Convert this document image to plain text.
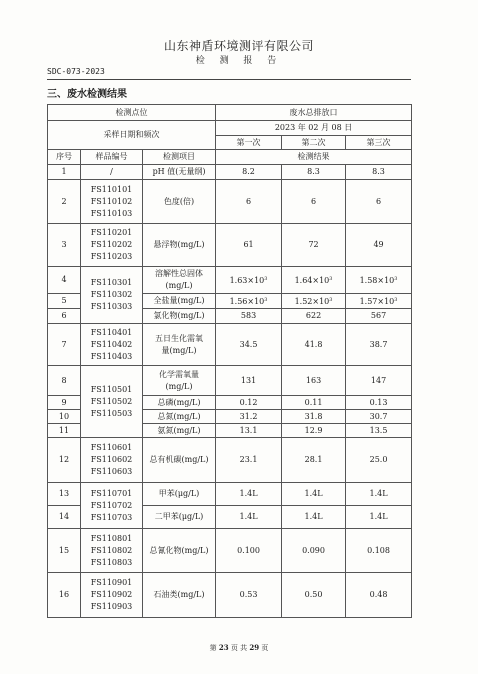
山东神盾环境测评有限公司
检 测 报 告
SDC-073-2023
三、废水检测结果
检测点位			废水总排放口		
采样日期和频次			2023 年 02 月 08 日		
			第一次	第二次	第三次
序号	样品编号	检测项目	检测结果		
1	/	pH 值(无量纲)	8.2	8.3	8.3
2	FS110101
FS110102
FS110103	色度(倍)	6	6	6
3	FS110201
FS110202
FS110203	悬浮物(mg/L)	61	72	49
4	FS110301
FS110302
FS110303	溶解性总固体
(mg/L)	$1.63\times 10^3$	$1.64\times 10^3$	$1.58\times 10^3$
5		全盐量(mg/L)	$1.56\times 10^3$	$1.52\times 10^3$	$1.57\times 10^3$
6		氯化物(mg/L)	583	622	567
7	FS110401
FS110402
FS110403	五日生化需氧
量(mg/L)	34.5	41.8	38.7
8	FS110501
FS110502
FS110503	化学需氧量
(mg/L)	131	163	147
9		总磷(mg/L)	0.12	0.11	0.13
10		总氮(mg/L)	31.2	31.8	30.7
11		氨氮(mg/L)	13.1	12.9	13.5
12	FS110601
FS110602
FS110603	总有机碳(mg/L)	23.1	28.1	25.0
13	FS110701
FS110702
FS110703	甲苯(μg/L)	1.4L	1.4L	1.4L
14		二甲苯(μg/L)	1.4L	1.4L	1.4L
15	FS110801
FS110802
FS110803	总氰化物(mg/L)	0.100	0.090	0.108
16	FS110901
FS110902
FS110903	石油类(mg/L)	0.53	0.50	0.48
第 23 页 共 29 页
